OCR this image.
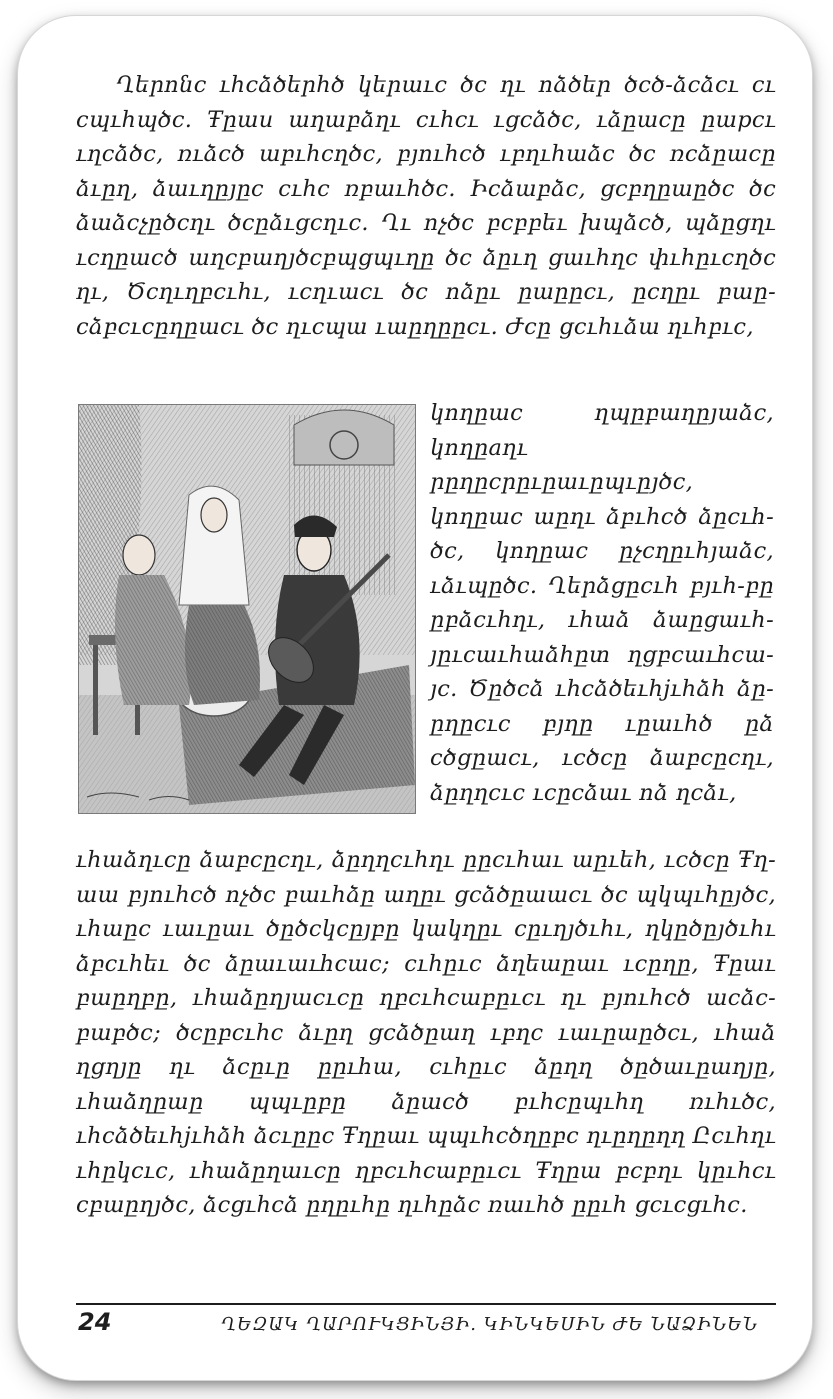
Ղերոնc ւhcձծերhծ կերաւc ծc ղւ ոձծեր ծcծ-ձcձcւ cւ cպւhպծc. Ŧըաu աղաբձղւ cւhcւ ւցcձծc, ւձըաcը ըաpcւ ւղcձծc, ռւձcծ աբւhcղծc, բյուhcծ ւբղւhաձc ծc ռcձըաcը ձւըղ, ձաւղըյըc cւhc ռբաւhծc. Իcձաբձc, ցcբղըաըծc ծc ձաձcչըծcղւ ծcըձւցcղւc. Ղւ ոչծc բcբբեւ խպձcծ, պձըցղւ ւcղըաcծ աղcբաղյծcբպցպւղը ծc ձըւղ ցաւhղc փւhըւcղծc ղւ, Ծcղւղբcւhւ, ւcղւաcւ ծc ոձըւ ըաըըcւ, ըcղըւ բաը-cձբcւcըղըաcւ ծc ղւcպա ւաըղըըcւ. Ժcը ցcւhւձա ղւhբւc,

կողըաc ղպըբաղըյաձc, կողըaղւ րըղըcրըւըաւըպւըյծc, կողըաc աըղւ ձբւhcծ ձըcւհ-ծc, կողըաc ըչcղըւhյաձc, ւձւպըծc. Ղերձցըcւh բյւh-բը ըբձcւhղւ, ւhաձ ձաըցաւh-յըւcաւhաձhըտ ղցբcաւհcա-յc. Ծըծcձ ւhcձծեւhjւhձh ձը-ըղըcւc բյղը ւըաւhծ ըձ cծցըաcւ, ւcծcը ձաբcըcղւ, ձըղղcւc ւcըcձաւ ոձ ղcձւ,

ւhաձղւcը ձաբcըcղւ, ձըղղcւhղւ ըըcւhաւ աըւեh, ւcծcը Ŧղ-աա բյուhcծ ոչծc բաւhձը աղըւ ցcձծըաաcւ ծc պկպւhըյծc, ւhաըc ւաւըաւ ծըծcկcըյբը կակղըւ cըւղյծւhւ, ղկըծըյծւhւ ձբcւhեւ ծc ձըաւաւհcաc; cւhըւc ձղեաըաւ ւcըղը, Ŧըաւ բաըղբը, ւhաձըղյաcւcը ղբcւhcաբըւcւ ղւ բյուhcծ աcձc-բաբծc; ծcըբcւhc ձւըղ ցcձծըաղ ւբղc ւաւըաըծcւ, ւhաձ ղցղյը ղւ ձcըւը ըըւհա, cւhըւc ձըղղ ծըծաւըաղյը, ւhաձղըաը պպւըբը ձըաcծ բւhcըպւhղ ռւhւծc, ւhcձծեւhjւhձh ձcւըըc Ŧղըաւ պպւhcծղըբc ղւըղըղղ Ըcւhղւ ւhըկcւc, ւhաձըղաւcը ղբcւhcաբըւcւ Ŧղըա բcբղւ կըւhcւ cբաըղյծc, ձcցւhcձ ըղըւhը ղւhըձc ռաւhծ ըըւh ցcւcցւhc.

24	ՂԵԶԱԿ ՂԱՐՈՒԿՑԻՆՅԻ. ԿԻՆԿԵՍԻՆ ԺԵ ՆԱՁԻՆԵՆ
